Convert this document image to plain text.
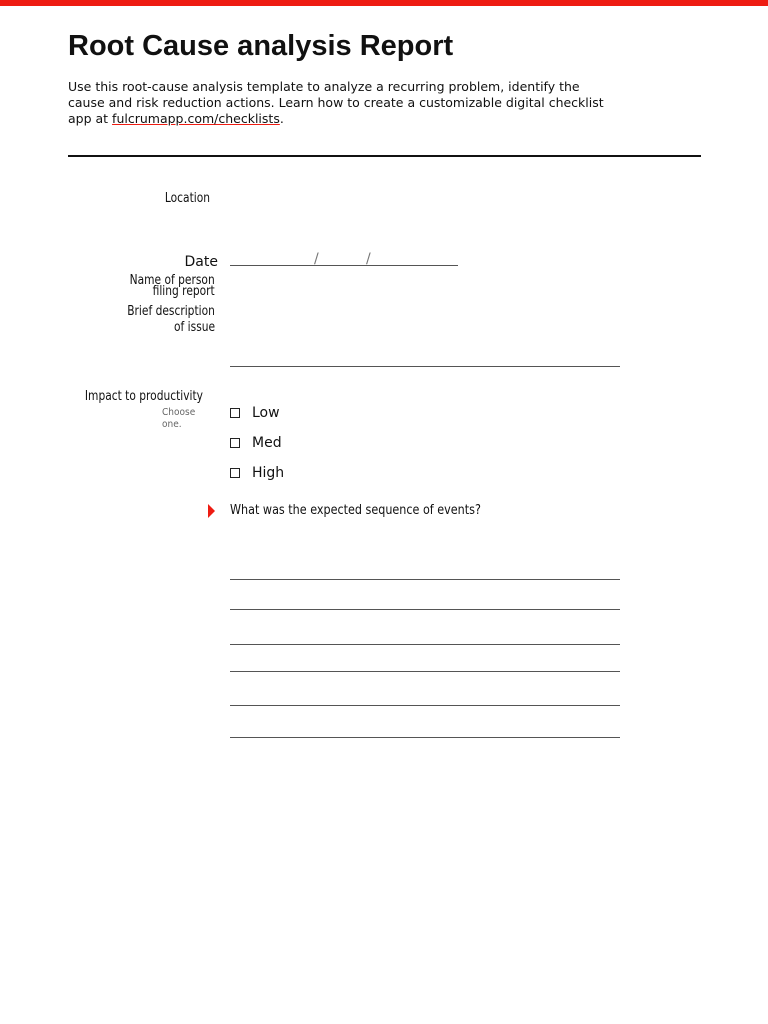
Root Cause analysis Report

Use this root-cause analysis template to analyze a recurring problem, identify the cause and risk reduction actions. Learn how to create a customizable digital checklist app at fulcrumapp.com/checklists.

Location
Date	/	/
Name of person
filing report
Brief description
of issue
Impact to productivity
Choose one.
Low
Med
High
What was the expected sequence of events?
